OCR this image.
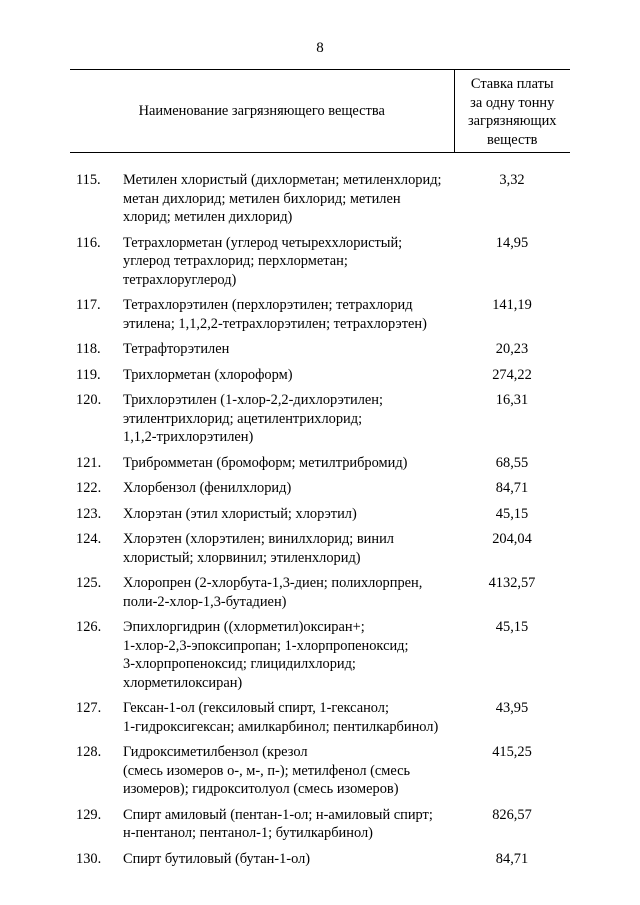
8
Наименование загрязняющего вещества		Ставка платы
за одну тонну
загрязняющих
веществ

115.	Метилен хлористый (дихлорметан; метиленхлорид;
метан дихлорид; метилен бихлорид; метилен
хлорид; метилен дихлорид)	3,32
116.	Тетрахлорметан (углерод четыреххлористый;
углерод тетрахлорид; перхлорметан;
тетрахлоруглерод)	14,95
117.	Тетрахлорэтилен (перхлорэтилен; тетрахлорид
этилена; 1,1,2,2-тетрахлорэтилен; тетрахлорэтен)	141,19
118.	Тетрафторэтилен	20,23
119.	Трихлорметан (хлороформ)	274,22
120.	Трихлорэтилен (1-хлор-2,2-дихлорэтилен;
этилентрихлорид; ацетилентрихлорид;
1,1,2-трихлорэтилен)	16,31
121.	Трибромметан (бромоформ; метилтрибромид)	68,55
122.	Хлорбензол (фенилхлорид)	84,71
123.	Хлорэтан (этил хлористый; хлорэтил)	45,15
124.	Хлорэтен (хлорэтилен; винилхлорид; винил
хлористый; хлорвинил; этиленхлорид)	204,04
125.	Хлоропрен (2-хлорбута-1,3-диен; полихлорпрен,
поли-2-хлор-1,3-бутадиен)	4132,57
126.	Эпихлоргидрин ((хлорметил)оксиран+;
1-хлор-2,3-эпоксипропан; 1-хлорпропеноксид;
3-хлорпропеноксид; глицидилхлорид;
хлорметилоксиран)	45,15
127.	Гексан-1-ол (гексиловый спирт, 1-гексанол;
1-гидроксигексан; амилкарбинол; пентилкарбинол)	43,95
128.	Гидроксиметилбензол (крезол
(смесь изомеров о-, м-, п-); метилфенол (смесь
изомеров); гидрокситолуол (смесь изомеров)	415,25
129.	Спирт амиловый (пентан-1-ол; н-амиловый спирт;
н-пентанол; пентанол-1; бутилкарбинол)	826,57
130.	Спирт бутиловый (бутан-1-ол)	84,71
